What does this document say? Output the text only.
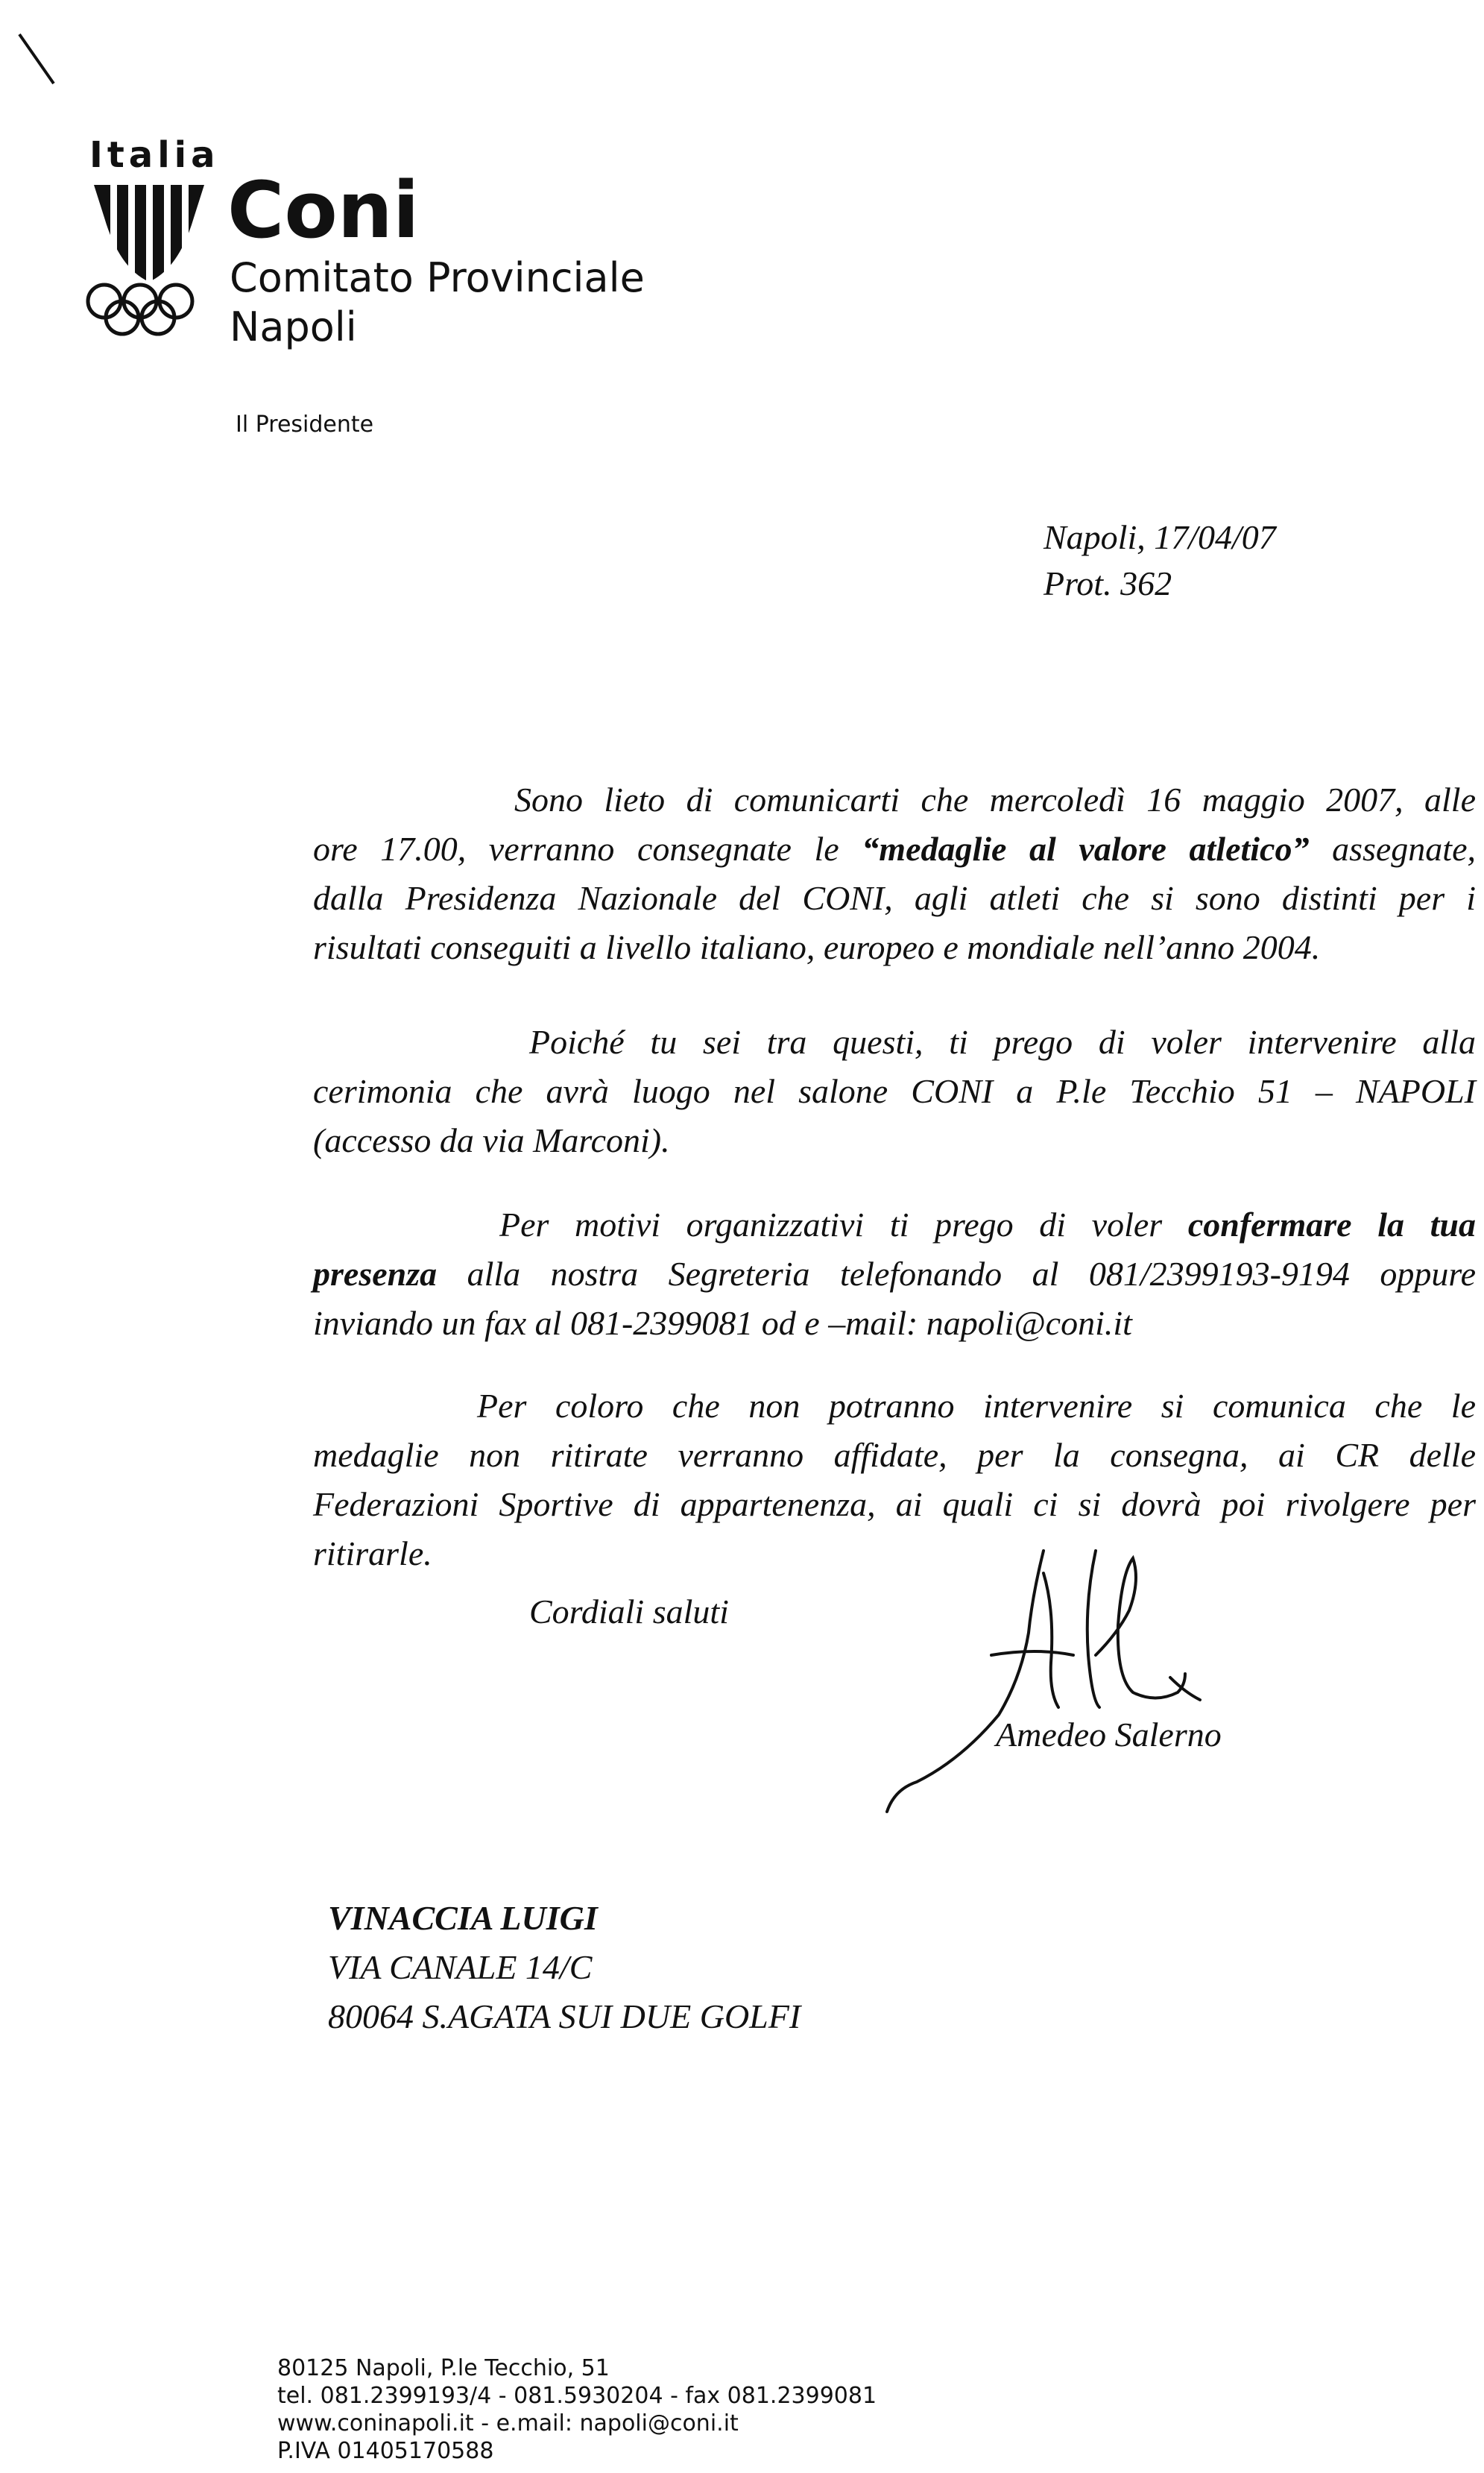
Italia
Coni
Comitato Provinciale
Napoli
Il Presidente
Napoli, 17/04/07
Prot. 362
Sono lieto di comunicarti che mercoledì 16 maggio 2007, alle
ore 17.00, verranno consegnate le “medaglie al valore atletico” assegnate,
dalla Presidenza Nazionale del CONI, agli atleti che si sono distinti per i
risultati conseguiti a livello italiano, europeo e mondiale nell’anno 2004.
Poiché tu sei tra questi, ti prego di voler intervenire alla
cerimonia che avrà luogo nel salone CONI a P.le Tecchio 51 – NAPOLI
(accesso da via Marconi).
Per motivi organizzativi ti prego di voler confermare la tua
presenza alla nostra Segreteria telefonando al 081/2399193-9194 oppure
inviando un fax al 081-2399081 od e –mail: napoli@coni.it
Per coloro che non potranno intervenire si comunica che le
medaglie non ritirate verranno affidate, per la consegna, ai CR delle
Federazioni Sportive di appartenenza, ai quali ci si dovrà poi rivolgere per
ritirarle.
Cordiali saluti
Amedeo Salerno
VINACCIA LUIGI
VIA CANALE 14/C
80064 S.AGATA SUI DUE GOLFI
80125 Napoli, P.le Tecchio, 51
tel. 081.2399193/4 - 081.5930204 - fax 081.2399081
www.coninapoli.it - e.mail: napoli@coni.it
P.IVA 01405170588
